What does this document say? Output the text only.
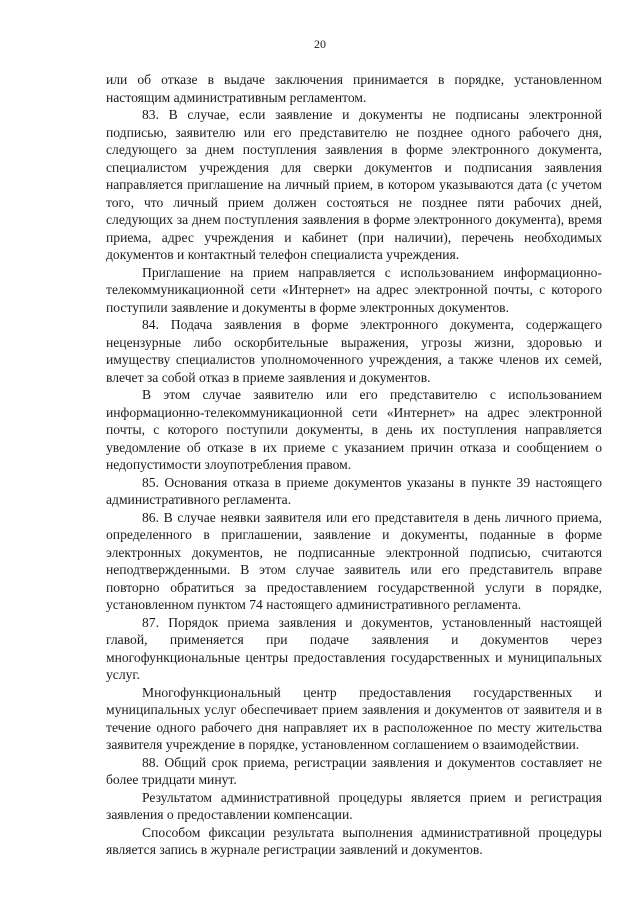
20

или об отказе в выдаче заключения принимается в порядке, установленном настоящим административным регламентом.

83. В случае, если заявление и документы не подписаны электронной подписью, заявителю или его представителю не позднее одного рабочего дня, следующего за днем поступления заявления в форме электронного документа, специалистом учреждения для сверки документов и подписания заявления направляется приглашение на личный прием, в котором указываются дата (с учетом того, что личный прием должен состояться не позднее пяти рабочих дней, следующих за днем поступления заявления в форме электронного документа), время приема, адрес учреждения и кабинет (при наличии), перечень необходимых документов и контактный телефон специалиста учреждения.

Приглашение на прием направляется с использованием информационно-телекоммуникационной сети «Интернет» на адрес электронной почты, с которого поступили заявление и документы в форме электронных документов.

84. Подача заявления в форме электронного документа, содержащего нецензурные либо оскорбительные выражения, угрозы жизни, здоровью и имуществу специалистов уполномоченного учреждения, а также членов их семей, влечет за собой отказ в приеме заявления и документов.

В этом случае заявителю или его представителю с использованием информационно-телекоммуникационной сети «Интернет» на адрес электронной почты, с которого поступили документы, в день их поступления направляется уведомление об отказе в их приеме с указанием причин отказа и сообщением о недопустимости злоупотребления правом.

85. Основания отказа в приеме документов указаны в пункте 39 настоящего административного регламента.

86. В случае неявки заявителя или его представителя в день личного приема, определенного в приглашении, заявление и документы, поданные в форме электронных документов, не подписанные электронной подписью, считаются неподтвержденными. В этом случае заявитель или его представитель вправе повторно обратиться за предоставлением государственной услуги в порядке, установленном пунктом 74 настоящего административного регламента.

87. Порядок приема заявления и документов, установленный настоящей главой, применяется при подаче заявления и документов через многофункциональные центры предоставления государственных и муниципальных услуг.

Многофункциональный центр предоставления государственных и муниципальных услуг обеспечивает прием заявления и документов от заявителя и в течение одного рабочего дня направляет их в расположенное по месту жительства заявителя учреждение в порядке, установленном соглашением о взаимодействии.

88. Общий срок приема, регистрации заявления и документов составляет не более тридцати минут.

Результатом административной процедуры является прием и регистрация заявления о предоставлении компенсации.

Способом фиксации результата выполнения административной процедуры является запись в журнале регистрации заявлений и документов.
